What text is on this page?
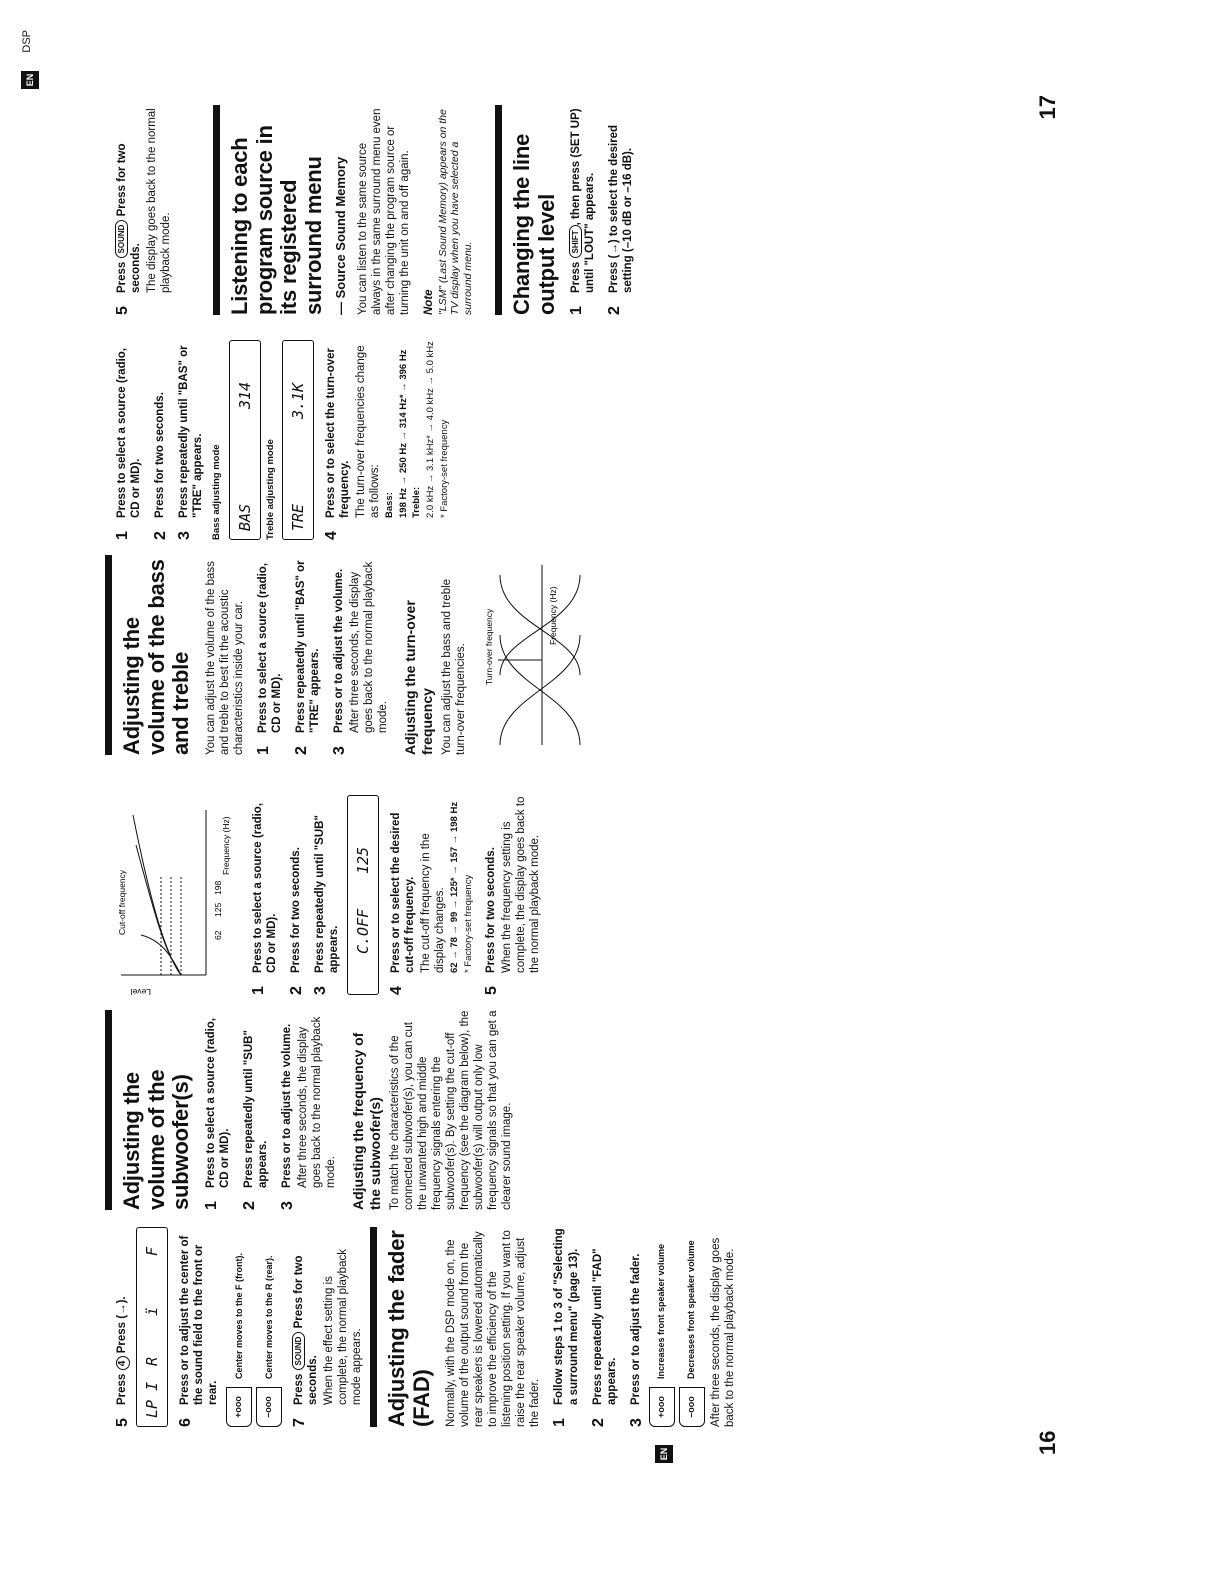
EN
5
Press 4 Press (→).
LP I
R
ï
F
6
Press or to adjust the center of the sound field to the front or rear.
+ooo
Center moves to the F (front).
–ooo
Center moves to the R (rear).
7
Press SOUND Press for two seconds. When the effect setting is complete, the normal playback mode appears. Adjusting the fader (FAD) Normally, with the DSP mode on, the volume of the output sound from the rear speakers is lowered automatically to improve the efficiency of the listening position setting. If you want to raise the rear speaker volume, adjust the fader. 1
Follow steps 1 to 3 of "Selecting a surround menu" (page 13).
2
Press repeatedly until "FAD" appears.
3
Press or to adjust the fader.
+ooo
Increases front speaker volume
–ooo
Decreases front speaker volume After three seconds, the display goes back to the normal playback mode.

Adjusting the volume of the subwoofer(s) 1
Press to select a source (radio, CD or MD).
2
Press repeatedly until "SUB" appears.
3
Press or to adjust the volume. After three seconds, the display goes back to the normal playback mode. Adjusting the frequency of the subwoofer(s) To match the characteristics of the connected subwoofer(s), you can cut the unwanted high and middle frequency signals entering the subwoofer(s). By setting the cut-off frequency (see the diagram below), the subwoofer(s) will output only low frequency signals so that you can get a clearer sound image.

Level
Cut-off frequency
62
125
198
Frequency (Hz)
1
Press to select a source (radio, CD or MD).
2
Press for two seconds.
3
Press repeatedly until "SUB" appears. C.OFF
125
4
Press or to select the desired cut-off frequency. The cut-off frequency in the display changes. 62 → 78 → 99 → 125* → 157 → 198 Hz * Factory-set frequency
5
Press for two seconds. When the frequency setting is complete, the display goes back to the normal playback mode.
16
EN
DSP
Adjusting the volume of the bass and treble You can adjust the volume of the bass and treble to best fit the acoustic characteristics inside your car. 1
Press to select a source (radio, CD or MD).
2
Press repeatedly until "BAS" or "TRE" appears.
3
Press or to adjust the volume. After three seconds, the display goes back to the normal playback mode. Adjusting the turn-over frequency You can adjust the bass and treble turn-over frequencies. Turn-over frequency	Frequency (Hz)
1
Press to select a source (radio, CD or MD).
2
Press for two seconds.
3
Press repeatedly until "BAS" or "TRE" appears. Bass adjusting mode BAS
314
Treble adjusting mode TRE
3.1K
4
Press or to select the turn-over frequency. The turn-over frequencies change as follows: Bass: 198 Hz → 250 Hz → 314 Hz* → 396 Hz Treble: 2.0 kHz → 3.1 kHz* → 4.0 kHz → 5.0 kHz * Factory-set frequency
5
Press SOUND Press for two seconds. The display goes back to the normal playback mode.	Listening to each program source in its registered surround menu — Source Sound Memory You can listen to the same source always in the same surround menu even after changing the program source or turning the unit on and off again. Note "LSM" (Last Sound Memory) appears on the TV display when you have selected a surround menu.	Changing the line output level 1
Press SHIFT, then press (SET UP) until "LOUT" appears.
2
Press (→) to select the desired setting (–10 dB or –16 dB).
17
